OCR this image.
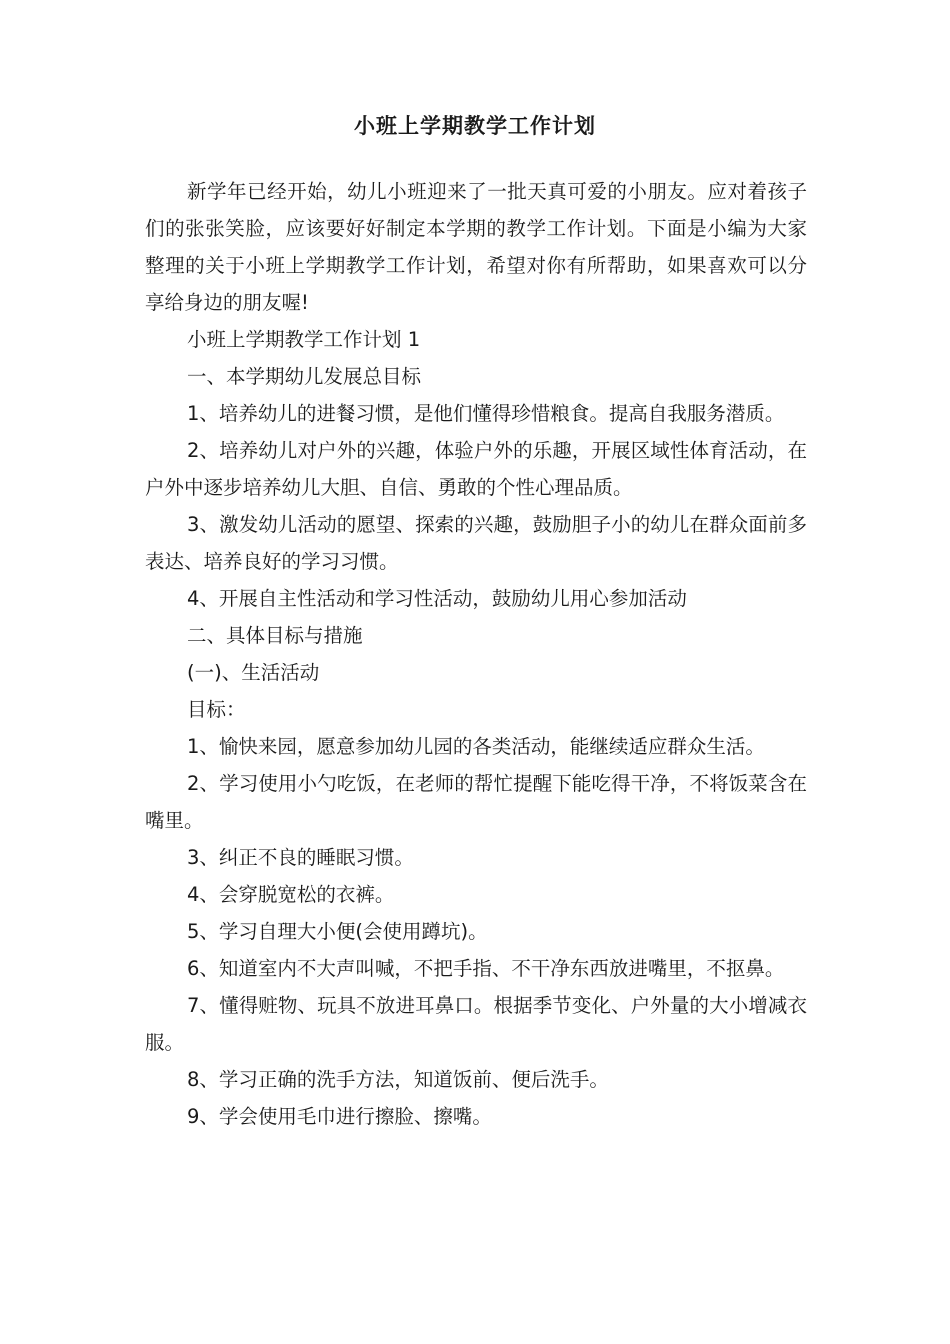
小班上学期教学工作计划

新学年已经开始，幼儿小班迎来了一批天真可爱的小朋友。应对着孩子们的张张笑脸，应该要好好制定本学期的教学工作计划。下面是小编为大家整理的关于小班上学期教学工作计划，希望对你有所帮助，如果喜欢可以分享给身边的朋友喔!

小班上学期教学工作计划 1

一、本学期幼儿发展总目标

1、培养幼儿的进餐习惯，是他们懂得珍惜粮食。提高自我服务潜质。

2、培养幼儿对户外的兴趣，体验户外的乐趣，开展区域性体育活动，在户外中逐步培养幼儿大胆、自信、勇敢的个性心理品质。

3、激发幼儿活动的愿望、探索的兴趣，鼓励胆子小的幼儿在群众面前多表达、培养良好的学习习惯。

4、开展自主性活动和学习性活动，鼓励幼儿用心参加活动

二、具体目标与措施

(一)、生活活动

目标：

1、愉快来园，愿意参加幼儿园的各类活动，能继续适应群众生活。

2、学习使用小勺吃饭，在老师的帮忙提醒下能吃得干净，不将饭菜含在嘴里。

3、纠正不良的睡眠习惯。

4、会穿脱宽松的衣裤。

5、学习自理大小便(会使用蹲坑)。

6、知道室内不大声叫喊，不把手指、不干净东西放进嘴里，不抠鼻。

7、懂得赃物、玩具不放进耳鼻口。根据季节变化、户外量的大小增减衣服。

8、学习正确的洗手方法，知道饭前、便后洗手。

9、学会使用毛巾进行擦脸、擦嘴。
